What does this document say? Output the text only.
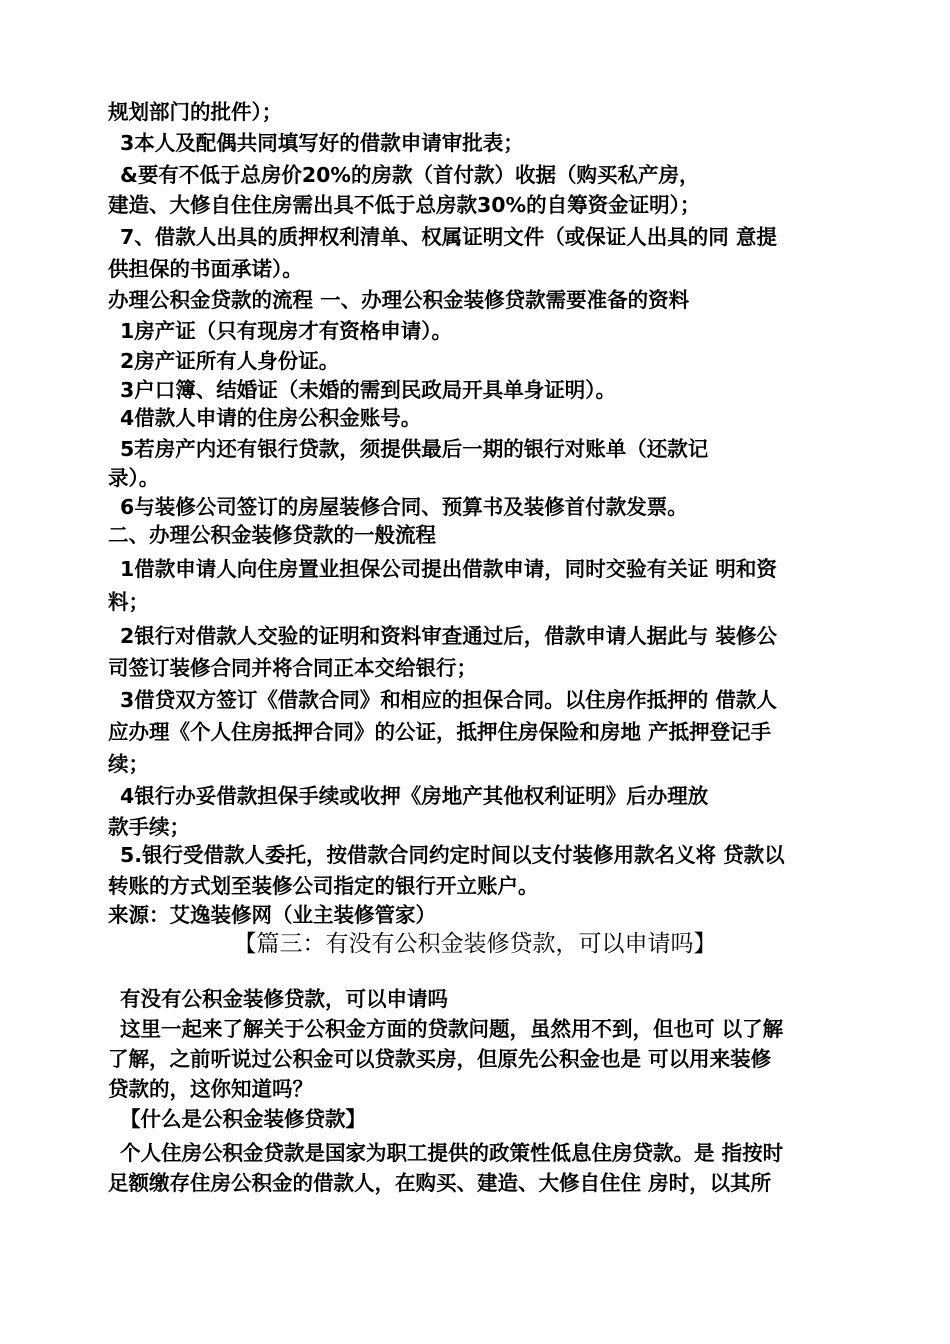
规划部门的批件）；
3本人及配偶共同填写好的借款申请审批表；
&要有不低于总房价20%的房款（首付款）收据（购买私产房，
建造、大修自住住房需出具不低于总房款30%的自筹资金证明）；
7、借款人出具的质押权利清单、权属证明文件（或保证人出具的同 意提
供担保的书面承诺）。
办理公积金贷款的流程 一、办理公积金装修贷款需要准备的资料
1房产证（只有现房才有资格申请）。
2房产证所有人身份证。
3户口簿、结婚证（未婚的需到民政局开具单身证明）。
4借款人申请的住房公积金账号。
5若房产内还有银行贷款，须提供最后一期的银行对账单（还款记
录）。
6与装修公司签订的房屋装修合同、预算书及装修首付款发票。
二、办理公积金装修贷款的一般流程
1借款申请人向住房置业担保公司提出借款申请，同时交验有关证 明和资
料；
2银行对借款人交验的证明和资料审查通过后，借款申请人据此与 装修公
司签订装修合同并将合同正本交给银行；
3借贷双方签订《借款合同》和相应的担保合同。以住房作抵押的 借款人
应办理《个人住房抵押合同》的公证，抵押住房保险和房地 产抵押登记手
续；
4银行办妥借款担保手续或收押《房地产其他权利证明》后办理放
款手续；
5.银行受借款人委托，按借款合同约定时间以支付装修用款名义将 贷款以
转账的方式划至装修公司指定的银行开立账户。
来源：艾逸装修网（业主装修管家）
【篇三：有没有公积金装修贷款，可以申请吗】
有没有公积金装修贷款，可以申请吗
这里一起来了解关于公积金方面的贷款问题，虽然用不到，但也可 以了解
了解，之前听说过公积金可以贷款买房，但原先公积金也是 可以用来装修
贷款的，这你知道吗？
【什么是公积金装修贷款】
个人住房公积金贷款是国家为职工提供的政策性低息住房贷款。是 指按时
足额缴存住房公积金的借款人，在购买、建造、大修自住住 房时，以其所
